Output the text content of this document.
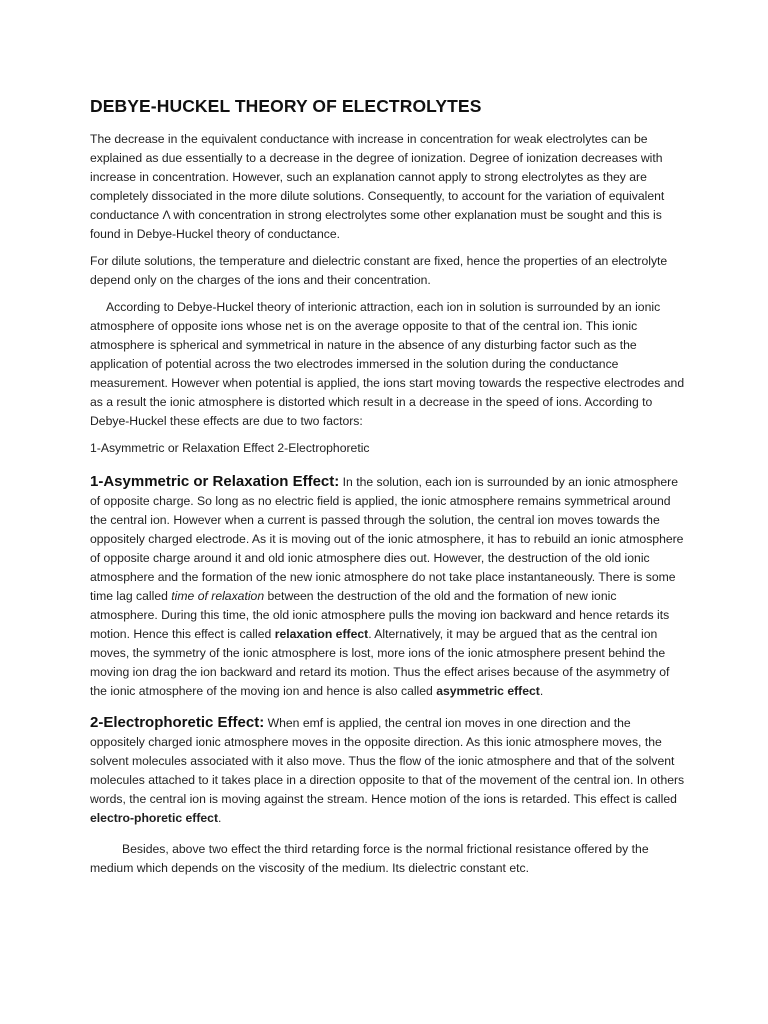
DEBYE-HUCKEL THEORY OF ELECTROLYTES

The decrease in the equivalent conductance with increase in concentration for weak electrolytes can be explained as due essentially to a decrease in the degree of ionization. Degree of ionization decreases with increase in concentration. However, such an explanation cannot apply to strong electrolytes as they are completely dissociated in the more dilute solutions. Consequently, to account for the variation of equivalent conductance Λ with concentration in strong electrolytes some other explanation must be sought and this is found in Debye-Huckel theory of conductance.

For dilute solutions, the temperature and dielectric constant are fixed, hence the properties of an electrolyte depend only on the charges of the ions and their concentration.

According to Debye-Huckel theory of interionic attraction, each ion in solution is surrounded by an ionic atmosphere of opposite ions whose net is on the average opposite to that of the central ion. This ionic atmosphere is spherical and symmetrical in nature in the absence of any disturbing factor such as the application of potential across the two electrodes immersed in the solution during the conductance measurement. However when potential is applied, the ions start moving towards the respective electrodes and as a result the ionic atmosphere is distorted which result in a decrease in the speed of ions. According to Debye-Huckel these effects are due to two factors:

1-Asymmetric or Relaxation Effect 2-Electrophoretic

1-Asymmetric or Relaxation Effect: In the solution, each ion is surrounded by an ionic atmosphere of opposite charge. So long as no electric field is applied, the ionic atmosphere remains symmetrical around the central ion. However when a current is passed through the solution, the central ion moves towards the oppositely charged electrode. As it is moving out of the ionic atmosphere, it has to rebuild an ionic atmosphere of opposite charge around it and old ionic atmosphere dies out. However, the destruction of the old ionic atmosphere and the formation of the new ionic atmosphere do not take place instantaneously. There is some time lag called time of relaxation between the destruction of the old and the formation of new ionic atmosphere. During this time, the old ionic atmosphere pulls the moving ion backward and hence retards its motion. Hence this effect is called relaxation effect. Alternatively, it may be argued that as the central ion moves, the symmetry of the ionic atmosphere is lost, more ions of the ionic atmosphere present behind the moving ion drag the ion backward and retard its motion. Thus the effect arises because of the asymmetry of the ionic atmosphere of the moving ion and hence is also called asymmetric effect.

2-Electrophoretic Effect: When emf is applied, the central ion moves in one direction and the oppositely charged ionic atmosphere moves in the opposite direction. As this ionic atmosphere moves, the solvent molecules associated with it also move. Thus the flow of the ionic atmosphere and that of the solvent molecules attached to it takes place in a direction opposite to that of the movement of the central ion. In others words, the central ion is moving against the stream. Hence motion of the ions is retarded. This effect is called electro-phoretic effect.

Besides, above two effect the third retarding force is the normal frictional resistance offered by the medium which depends on the viscosity of the medium. Its dielectric constant etc.
